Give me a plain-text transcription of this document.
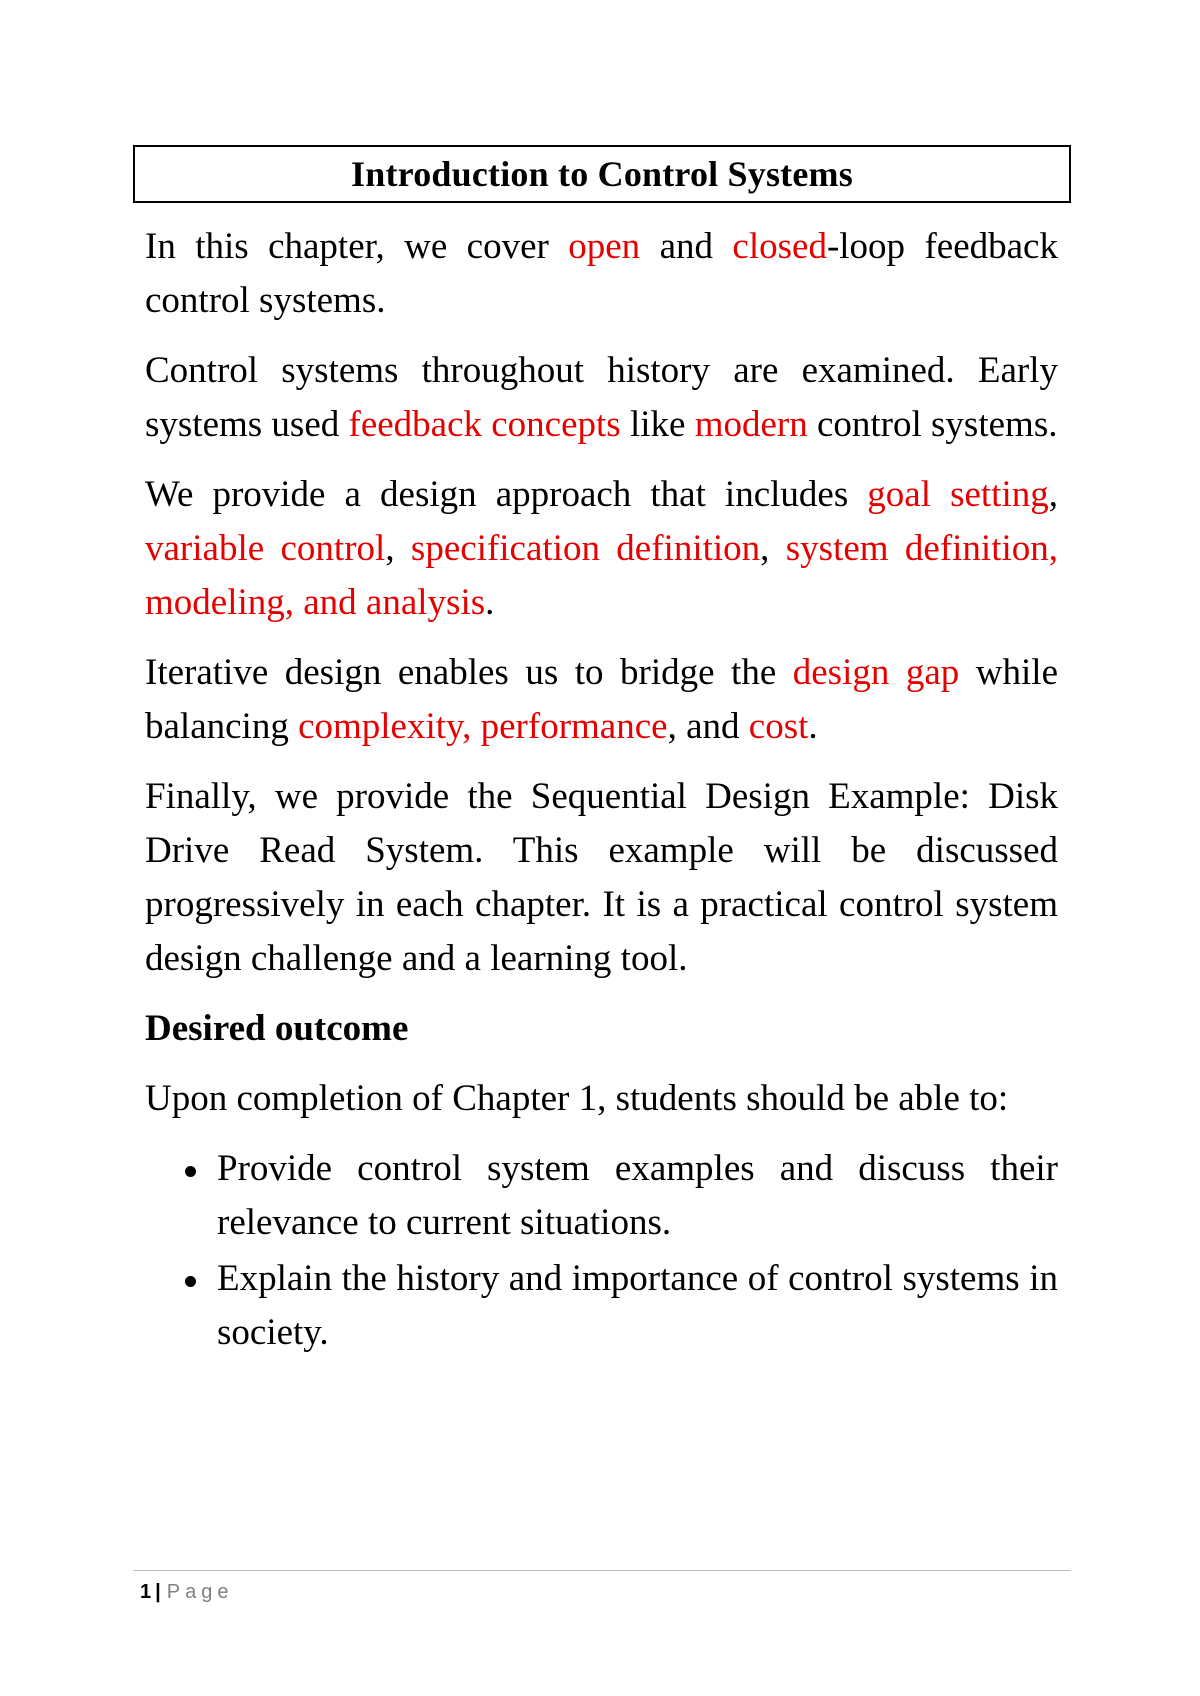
Introduction to Control Systems

In this chapter, we cover open and closed-loop feedback control systems.

Control systems throughout history are examined. Early systems used feedback concepts like modern control systems.

We provide a design approach that includes goal setting, variable control, specification definition, system definition, modeling, and analysis.

Iterative design enables us to bridge the design gap while balancing complexity, performance, and cost.

Finally, we provide the Sequential Design Example: Disk Drive Read System. This example will be discussed progressively in each chapter. It is a practical control system design challenge and a learning tool.

Desired outcome

Upon completion of Chapter 1, students should be able to:

Provide control system examples and discuss their relevance to current situations.
Explain the history and importance of control systems in society.
1 | Page
